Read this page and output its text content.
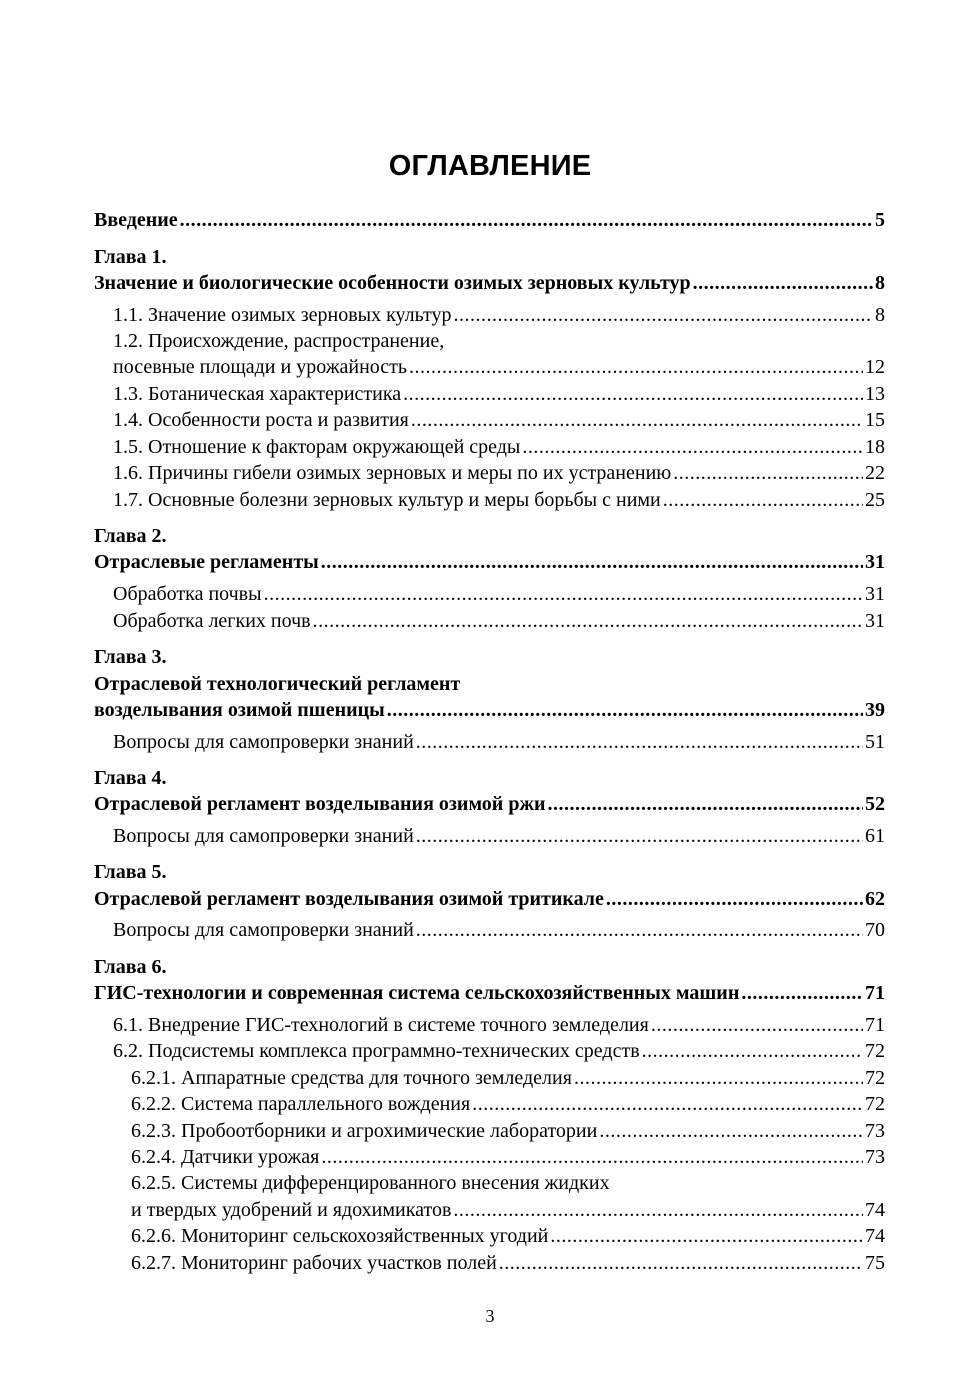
ОГЛАВЛЕНИЕ
Введение .....	5
Глава 1.
Значение и биологические особенности озимых зерновых культур .....	8
1.1. Значение озимых зерновых культур .....	8
1.2. Происхождение, распространение,
посевные площади и урожайность .....	12
1.3. Ботаническая характеристика .....	13
1.4. Особенности роста и развития .....	15
1.5. Отношение к факторам окружающей среды .....	18
1.6. Причины гибели озимых зерновых и меры по их устранению .....	22
1.7. Основные болезни зерновых культур и меры борьбы с ними .....	25
Глава 2.
Отраслевые регламенты .....	31
Обработка почвы .....	31
Обработка легких почв .....	31
Глава 3.
Отраслевой технологический регламент
возделывания озимой пшеницы .....	39
Вопросы для самопроверки знаний .....	51
Глава 4.
Отраслевой регламент возделывания озимой ржи .....	52
Вопросы для самопроверки знаний .....	61
Глава 5.
Отраслевой регламент возделывания озимой тритикале .....	62
Вопросы для самопроверки знаний .....	70
Глава 6.
ГИС-технологии и современная система сельскохозяйственных машин .....	71
6.1. Внедрение ГИС-технологий в системе точного земледелия .....	71
6.2. Подсистемы комплекса программно-технических средств .....	72
6.2.1. Аппаратные средства для точного земледелия .....	72
6.2.2. Система параллельного вождения .....	72
6.2.3. Пробоотборники и агрохимические лаборатории .....	73
6.2.4. Датчики урожая .....	73
6.2.5. Системы дифференцированного внесения жидких
и твердых удобрений и ядохимикатов .....	74
6.2.6. Мониторинг сельскохозяйственных угодий .....	74
6.2.7. Мониторинг рабочих участков полей .....	75
3
